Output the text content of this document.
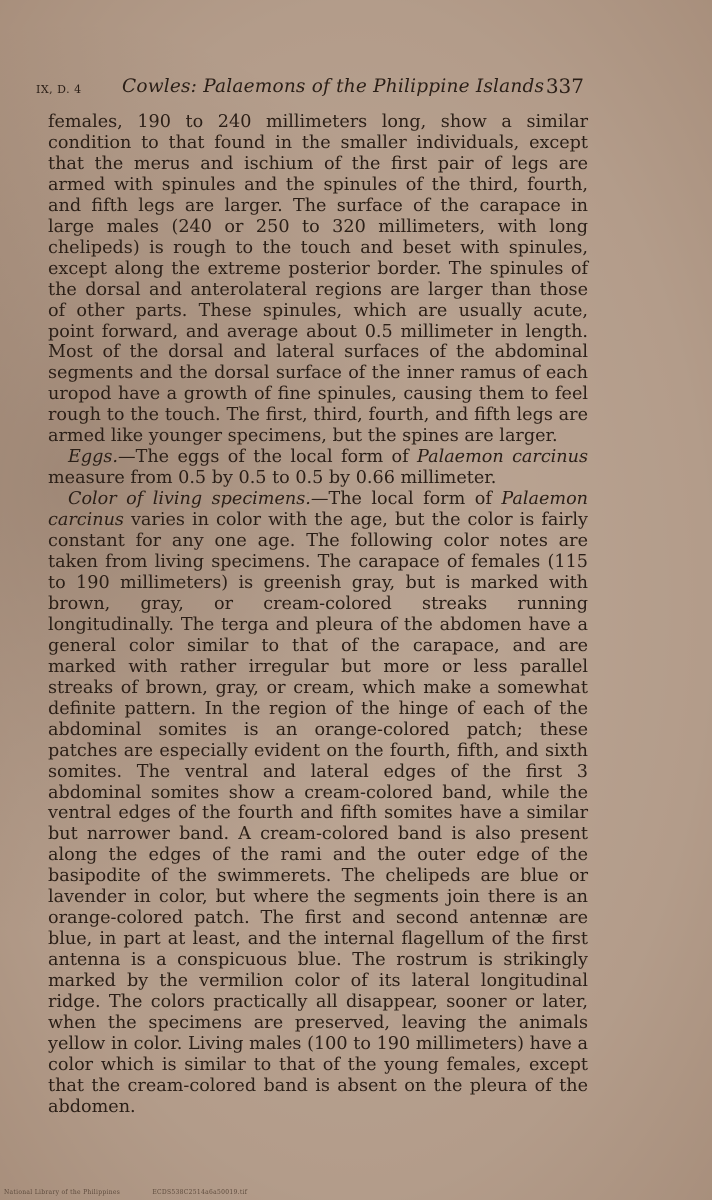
IX, D. 4 Cowles: Palaemons of the Philippine Islands 337

females, 190 to 240 millimeters long, show a similar condition to that found in the smaller individuals, except that the merus and ischium of the first pair of legs are armed with spinules and the spinules of the third, fourth, and fifth legs are larger. The surface of the carapace in large males (240 or 250 to 320 millimeters, with long chelipeds) is rough to the touch and beset with spinules, except along the extreme posterior border. The spinules of the dorsal and anterolateral regions are larger than those of other parts. These spinules, which are usually acute, point forward, and average about 0.5 millimeter in length. Most of the dorsal and lateral surfaces of the abdominal segments and the dorsal surface of the inner ramus of each uropod have a growth of fine spinules, causing them to feel rough to the touch. The first, third, fourth, and fifth legs are armed like younger specimens, but the spines are larger.

Eggs.—The eggs of the local form of Palaemon carcinus measure from 0.5 by 0.5 to 0.5 by 0.66 millimeter.

Color of living specimens.—The local form of Palaemon carcinus varies in color with the age, but the color is fairly constant for any one age. The following color notes are taken from living specimens. The carapace of females (115 to 190 millimeters) is greenish gray, but is marked with brown, gray, or cream-colored streaks running longitudinally. The terga and pleura of the abdomen have a general color similar to that of the carapace, and are marked with rather irregular but more or less parallel streaks of brown, gray, or cream, which make a somewhat definite pattern. In the region of the hinge of each of the abdominal somites is an orange-colored patch; these patches are especially evident on the fourth, fifth, and sixth somites. The ventral and lateral edges of the first 3 abdominal somites show a cream-colored band, while the ventral edges of the fourth and fifth somites have a similar but narrower band. A cream-colored band is also present along the edges of the rami and the outer edge of the basipodite of the swimmerets. The chelipeds are blue or lavender in color, but where the segments join there is an orange-colored patch. The first and second antennæ are blue, in part at least, and the internal flagellum of the first antenna is a conspicuous blue. The rostrum is strikingly marked by the vermilion color of its lateral longitudinal ridge. The colors practically all disappear, sooner or later, when the specimens are preserved, leaving the animals yellow in color. Living males (100 to 190 millimeters) have a color which is similar to that of the young females, except that the cream-colored band is absent on the pleura of the abdomen.

National Library of the Philippines	ECDS538C2514a6a50019.tif
